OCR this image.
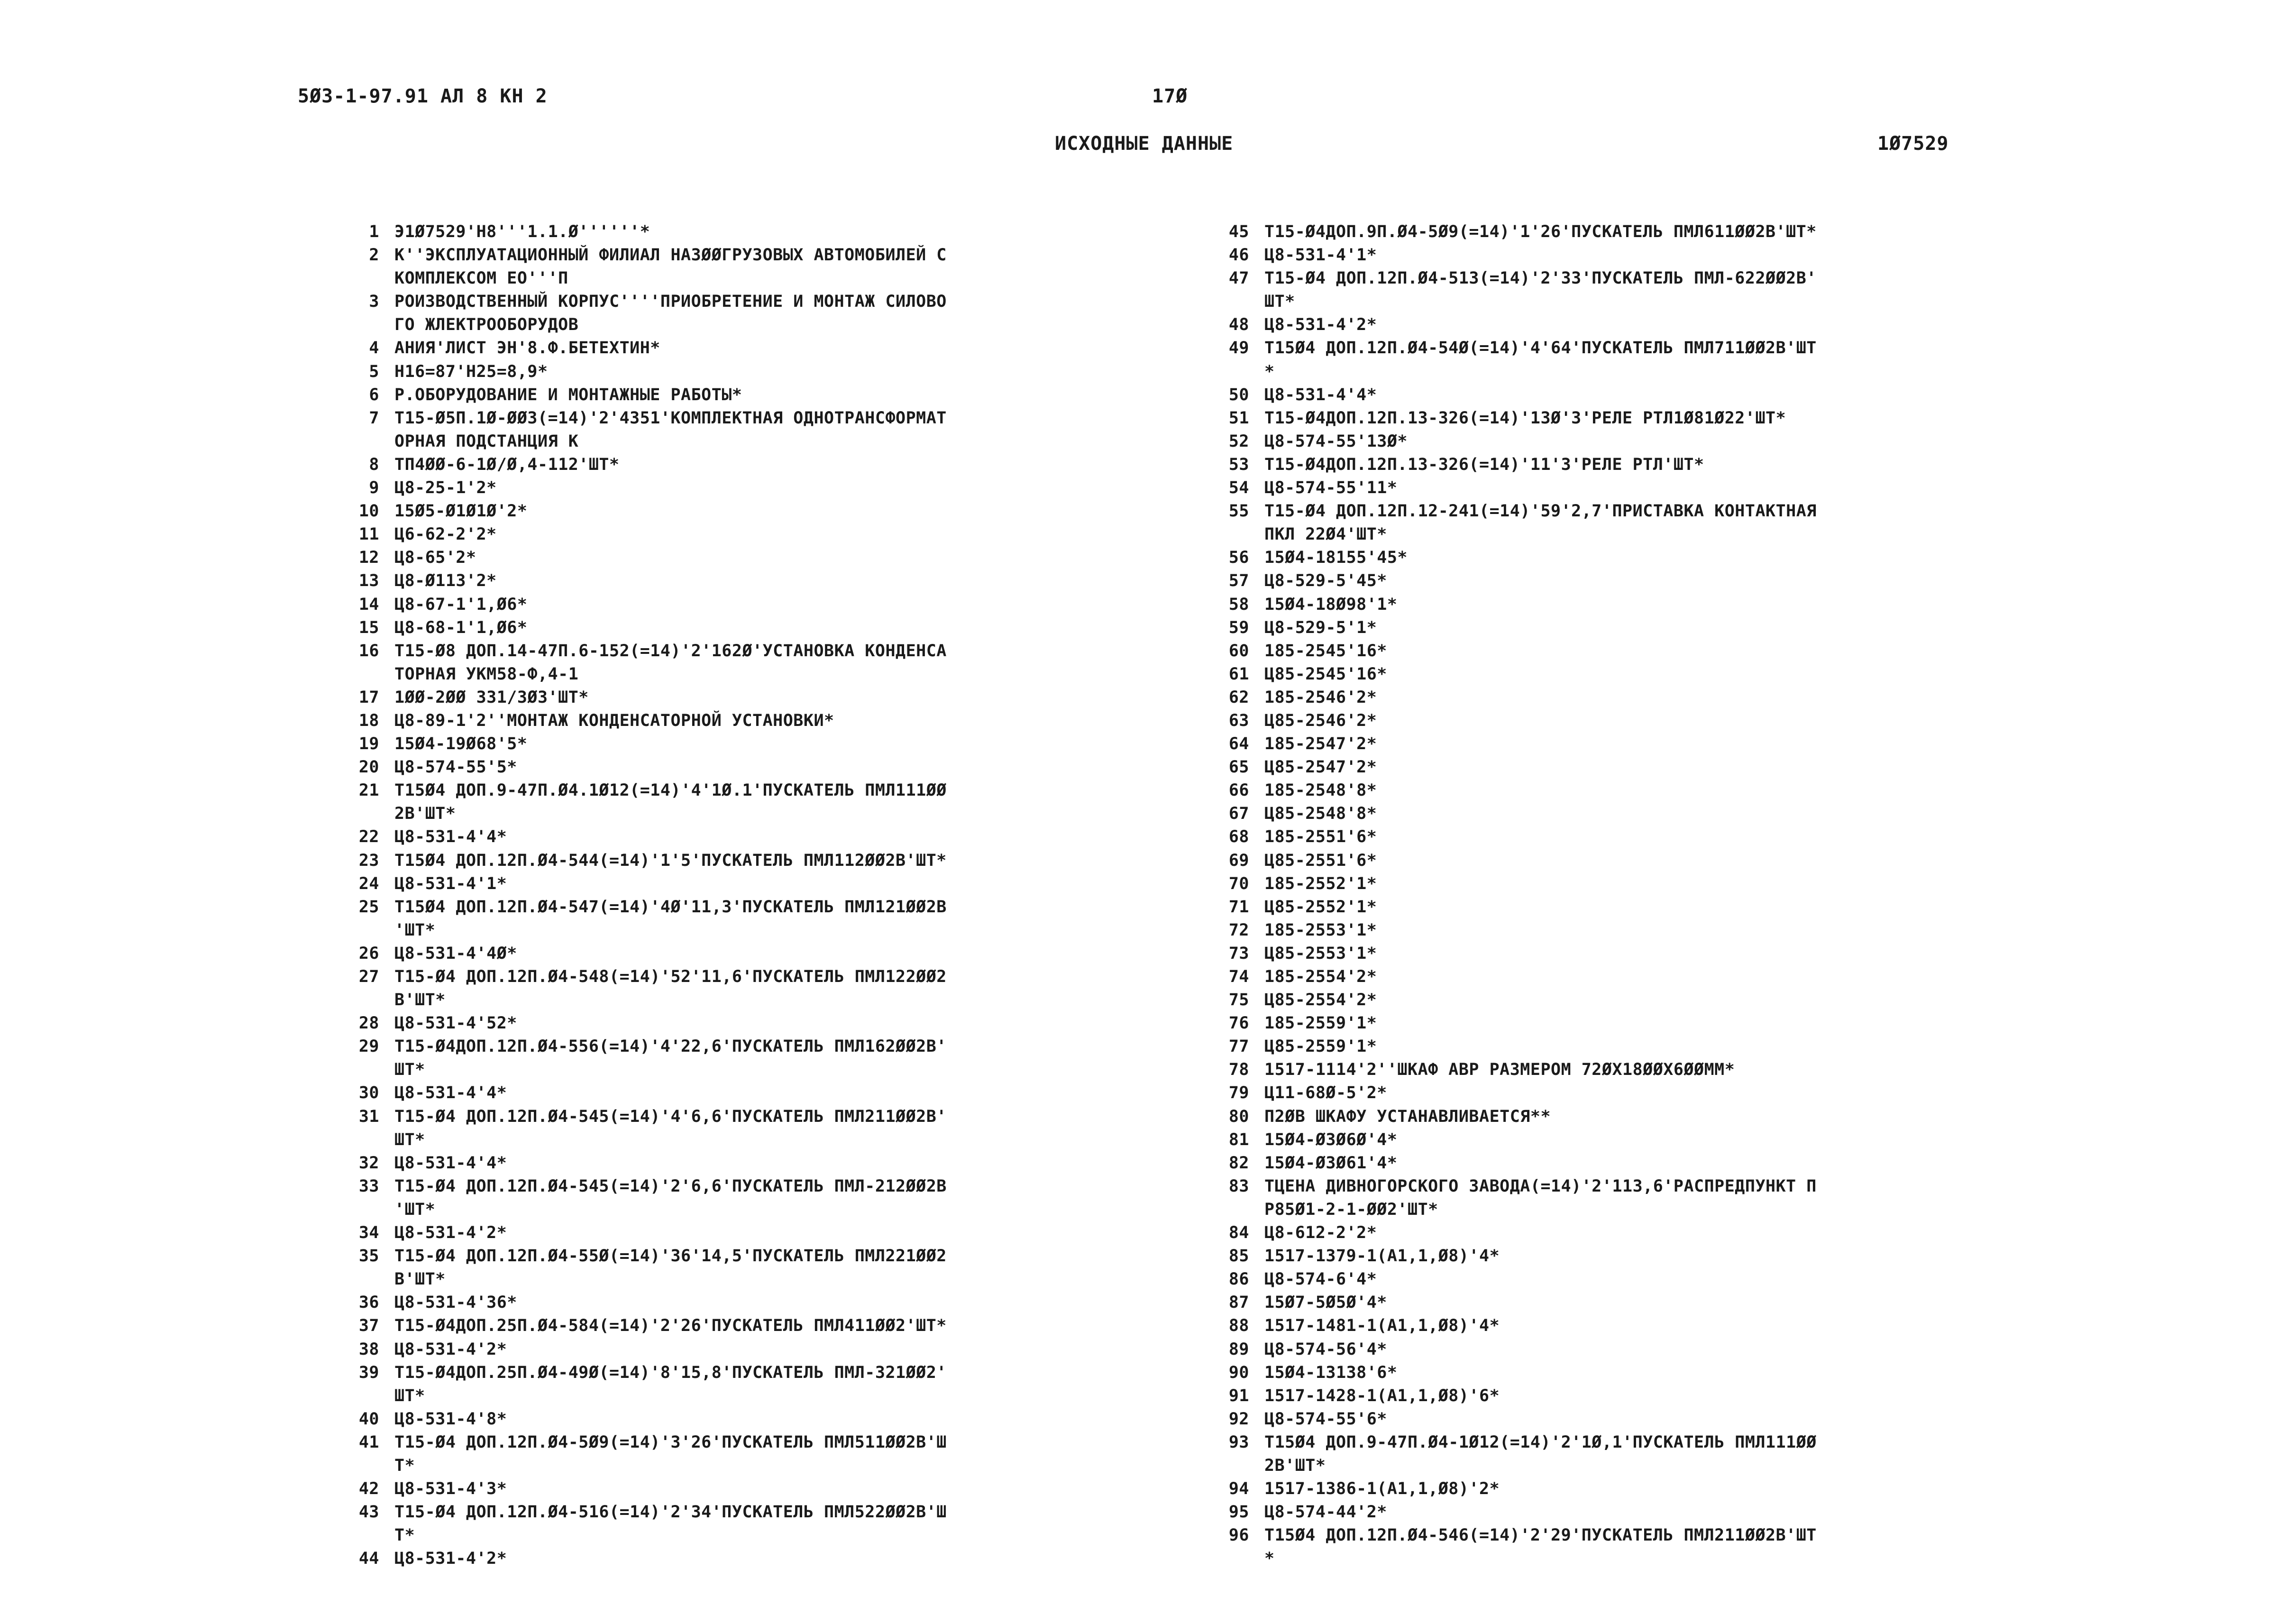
5Ø3-1-97.91 АЛ 8 КН 2	17Ø
ИСХОДНЫЕ ДАННЫЕ	1Ø7529
1 Э1Ø7529'Н8'''1.1.Ø''''''*
2 К''ЭКСПЛУАТАЦИОННЫЙ ФИЛИАЛ НАЗØØГРУЗОВЫХ АВТОМОБИЛЕЙ С
КОМПЛЕКСОМ ЕО'''П
3 РОИЗВОДСТВЕННЫЙ КОРПУС''''ПРИОБРЕТЕНИЕ И МОНТАЖ СИЛОВО
ГО ЖЛЕКТРООБОРУДОВ
4 АНИЯ'ЛИСТ ЭН'8.Ф.БЕТЕХТИН*
5 Н16=87'Н25=8,9*
6 Р.ОБОРУДОВАНИЕ И МОНТАЖНЫЕ РАБОТЫ*
7 Т15-Ø5П.1Ø-ØØ3(=14)'2'4351'КОМПЛЕКТНАЯ ОДНОТРАНСФОРМАТ
ОРНАЯ ПОДСТАНЦИЯ К
8 ТП4ØØ-6-1Ø/Ø,4-112'ШТ*
9 Ц8-25-1'2*
10 15Ø5-Ø1Ø1Ø'2*
11 Ц6-62-2'2*
12 Ц8-65'2*
13 Ц8-Ø113'2*
14 Ц8-67-1'1,Ø6*
15 Ц8-68-1'1,Ø6*
16 Т15-Ø8 ДОП.14-47П.6-152(=14)'2'162Ø'УСТАНОВКА КОНДЕНСА
ТОРНАЯ УКМ58-Ф,4-1
17 1ØØ-2ØØ 331/3Ø3'ШТ*
18 Ц8-89-1'2''МОНТАЖ КОНДЕНСАТОРНОЙ УСТАНОВКИ*
19 15Ø4-19Ø68'5*
20 Ц8-574-55'5*
21 Т15Ø4 ДОП.9-47П.Ø4.1Ø12(=14)'4'1Ø.1'ПУСКАТЕЛЬ ПМЛ111ØØ
2В'ШТ*
22 Ц8-531-4'4*
23 Т15Ø4 ДОП.12П.Ø4-544(=14)'1'5'ПУСКАТЕЛЬ ПМЛ112ØØ2В'ШТ*
24 Ц8-531-4'1*
25 Т15Ø4 ДОП.12П.Ø4-547(=14)'4Ø'11,3'ПУСКАТЕЛЬ ПМЛ121ØØ2В
'ШТ*
26 Ц8-531-4'4Ø*
27 Т15-Ø4 ДОП.12П.Ø4-548(=14)'52'11,6'ПУСКАТЕЛЬ ПМЛ122ØØ2
В'ШТ*
28 Ц8-531-4'52*
29 Т15-Ø4ДОП.12П.Ø4-556(=14)'4'22,6'ПУСКАТЕЛЬ ПМЛ162ØØ2В'
ШТ*
30 Ц8-531-4'4*
31 Т15-Ø4 ДОП.12П.Ø4-545(=14)'4'6,6'ПУСКАТЕЛЬ ПМЛ211ØØ2В'
ШТ*
32 Ц8-531-4'4*
33 Т15-Ø4 ДОП.12П.Ø4-545(=14)'2'6,6'ПУСКАТЕЛЬ ПМЛ-212ØØ2В
'ШТ*
34 Ц8-531-4'2*
35 Т15-Ø4 ДОП.12П.Ø4-55Ø(=14)'36'14,5'ПУСКАТЕЛЬ ПМЛ221ØØ2
В'ШТ*
36 Ц8-531-4'36*
37 Т15-Ø4ДОП.25П.Ø4-584(=14)'2'26'ПУСКАТЕЛЬ ПМЛ411ØØ2'ШТ*
38 Ц8-531-4'2*
39 Т15-Ø4ДОП.25П.Ø4-49Ø(=14)'8'15,8'ПУСКАТЕЛЬ ПМЛ-321ØØ2'
ШТ*
40 Ц8-531-4'8*
41 Т15-Ø4 ДОП.12П.Ø4-5Ø9(=14)'3'26'ПУСКАТЕЛЬ ПМЛ511ØØ2В'Ш
Т*
42 Ц8-531-4'3*
43 Т15-Ø4 ДОП.12П.Ø4-516(=14)'2'34'ПУСКАТЕЛЬ ПМЛ522ØØ2В'Ш
Т*
44 Ц8-531-4'2*
45 Т15-Ø4ДОП.9П.Ø4-5Ø9(=14)'1'26'ПУСКАТЕЛЬ ПМЛ611ØØ2В'ШТ*
46 Ц8-531-4'1*
47 Т15-Ø4 ДОП.12П.Ø4-513(=14)'2'33'ПУСКАТЕЛЬ ПМЛ-622ØØ2В'
ШТ*
48 Ц8-531-4'2*
49 Т15Ø4 ДОП.12П.Ø4-54Ø(=14)'4'64'ПУСКАТЕЛЬ ПМЛ711ØØ2В'ШТ
*
50 Ц8-531-4'4*
51 Т15-Ø4ДОП.12П.13-326(=14)'13Ø'3'РЕЛЕ РТЛ1Ø81Ø22'ШТ*
52 Ц8-574-55'13Ø*
53 Т15-Ø4ДОП.12П.13-326(=14)'11'3'РЕЛЕ РТЛ'ШТ*
54 Ц8-574-55'11*
55 Т15-Ø4 ДОП.12П.12-241(=14)'59'2,7'ПРИСТАВКА КОНТАКТНАЯ
ПКЛ 22Ø4'ШТ*
56 15Ø4-18155'45*
57 Ц8-529-5'45*
58 15Ø4-18Ø98'1*
59 Ц8-529-5'1*
60 185-2545'16*
61 Ц85-2545'16*
62 185-2546'2*
63 Ц85-2546'2*
64 185-2547'2*
65 Ц85-2547'2*
66 185-2548'8*
67 Ц85-2548'8*
68 185-2551'6*
69 Ц85-2551'6*
70 185-2552'1*
71 Ц85-2552'1*
72 185-2553'1*
73 Ц85-2553'1*
74 185-2554'2*
75 Ц85-2554'2*
76 185-2559'1*
77 Ц85-2559'1*
78 1517-1114'2''ШКАФ АВР РАЗМЕРОМ 72ØХ18ØØХ6ØØММ*
79 Ц11-68Ø-5'2*
80 П2ØВ ШКАФУ УСТАНАВЛИВАЕТСЯ**
81 15Ø4-Ø3Ø6Ø'4*
82 15Ø4-Ø3Ø61'4*
83 ТЦЕНА ДИВНОГОРСКОГО ЗАВОДА(=14)'2'113,6'РАСПРЕДПУНКТ П
Р85Ø1-2-1-ØØ2'ШТ*
84 Ц8-612-2'2*
85 1517-1379-1(А1,1,Ø8)'4*
86 Ц8-574-6'4*
87 15Ø7-5Ø5Ø'4*
88 1517-1481-1(А1,1,Ø8)'4*
89 Ц8-574-56'4*
90 15Ø4-13138'6*
91 1517-1428-1(А1,1,Ø8)'6*
92 Ц8-574-55'6*
93 Т15Ø4 ДОП.9-47П.Ø4-1Ø12(=14)'2'1Ø,1'ПУСКАТЕЛЬ ПМЛ111ØØ
2В'ШТ*
94 1517-1386-1(А1,1,Ø8)'2*
95 Ц8-574-44'2*
96 Т15Ø4 ДОП.12П.Ø4-546(=14)'2'29'ПУСКАТЕЛЬ ПМЛ211ØØ2В'ШТ
*
